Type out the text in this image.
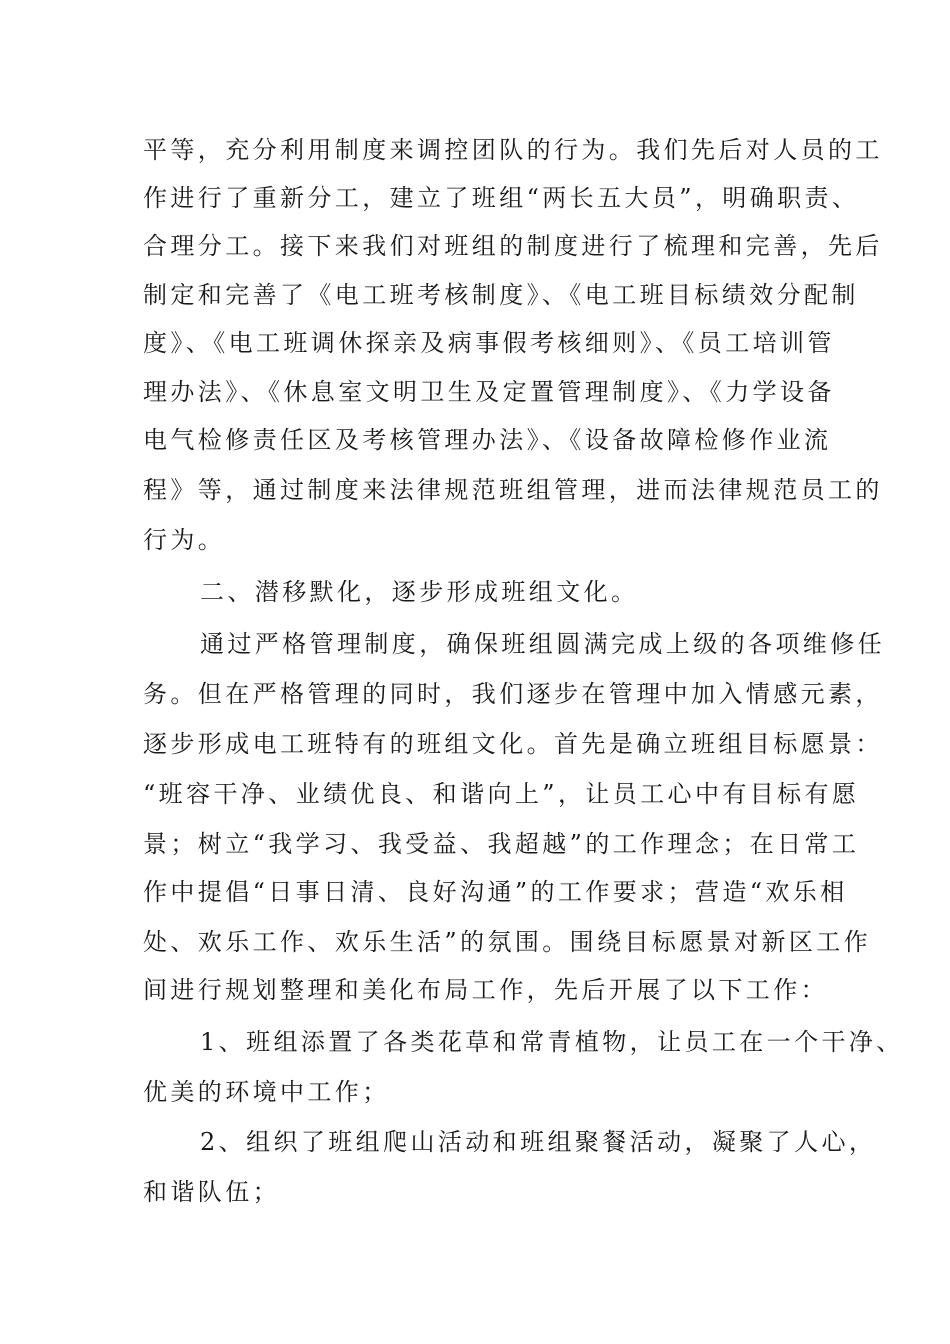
平等，充分利用制度来调控团队的行为。我们先后对人员的工
作进行了重新分工，建立了班组“两长五大员”，明确职责、
合理分工。接下来我们对班组的制度进行了梳理和完善，先后
制定和完善了《电工班考核制度》、《电工班目标绩效分配制
度》、《电工班调休探亲及病事假考核细则》、《员工培训管
理办法》、《休息室文明卫生及定置管理制度》、《力学设备
电气检修责任区及考核管理办法》、《设备故障检修作业流
程》等，通过制度来法律规范班组管理，进而法律规范员工的
行为。
二、潜移默化，逐步形成班组文化。
通过严格管理制度，确保班组圆满完成上级的各项维修任
务。但在严格管理的同时，我们逐步在管理中加入情感元素，
逐步形成电工班特有的班组文化。首先是确立班组目标愿景：
“班容干净、业绩优良、和谐向上”，让员工心中有目标有愿
景；树立“我学习、我受益、我超越”的工作理念；在日常工
作中提倡“日事日清、良好沟通”的工作要求；营造“欢乐相
处、欢乐工作、欢乐生活”的氛围。围绕目标愿景对新区工作
间进行规划整理和美化布局工作，先后开展了以下工作：
1、班组添置了各类花草和常青植物，让员工在一个干净、
优美的环境中工作；
2、组织了班组爬山活动和班组聚餐活动，凝聚了人心，
和谐队伍；
